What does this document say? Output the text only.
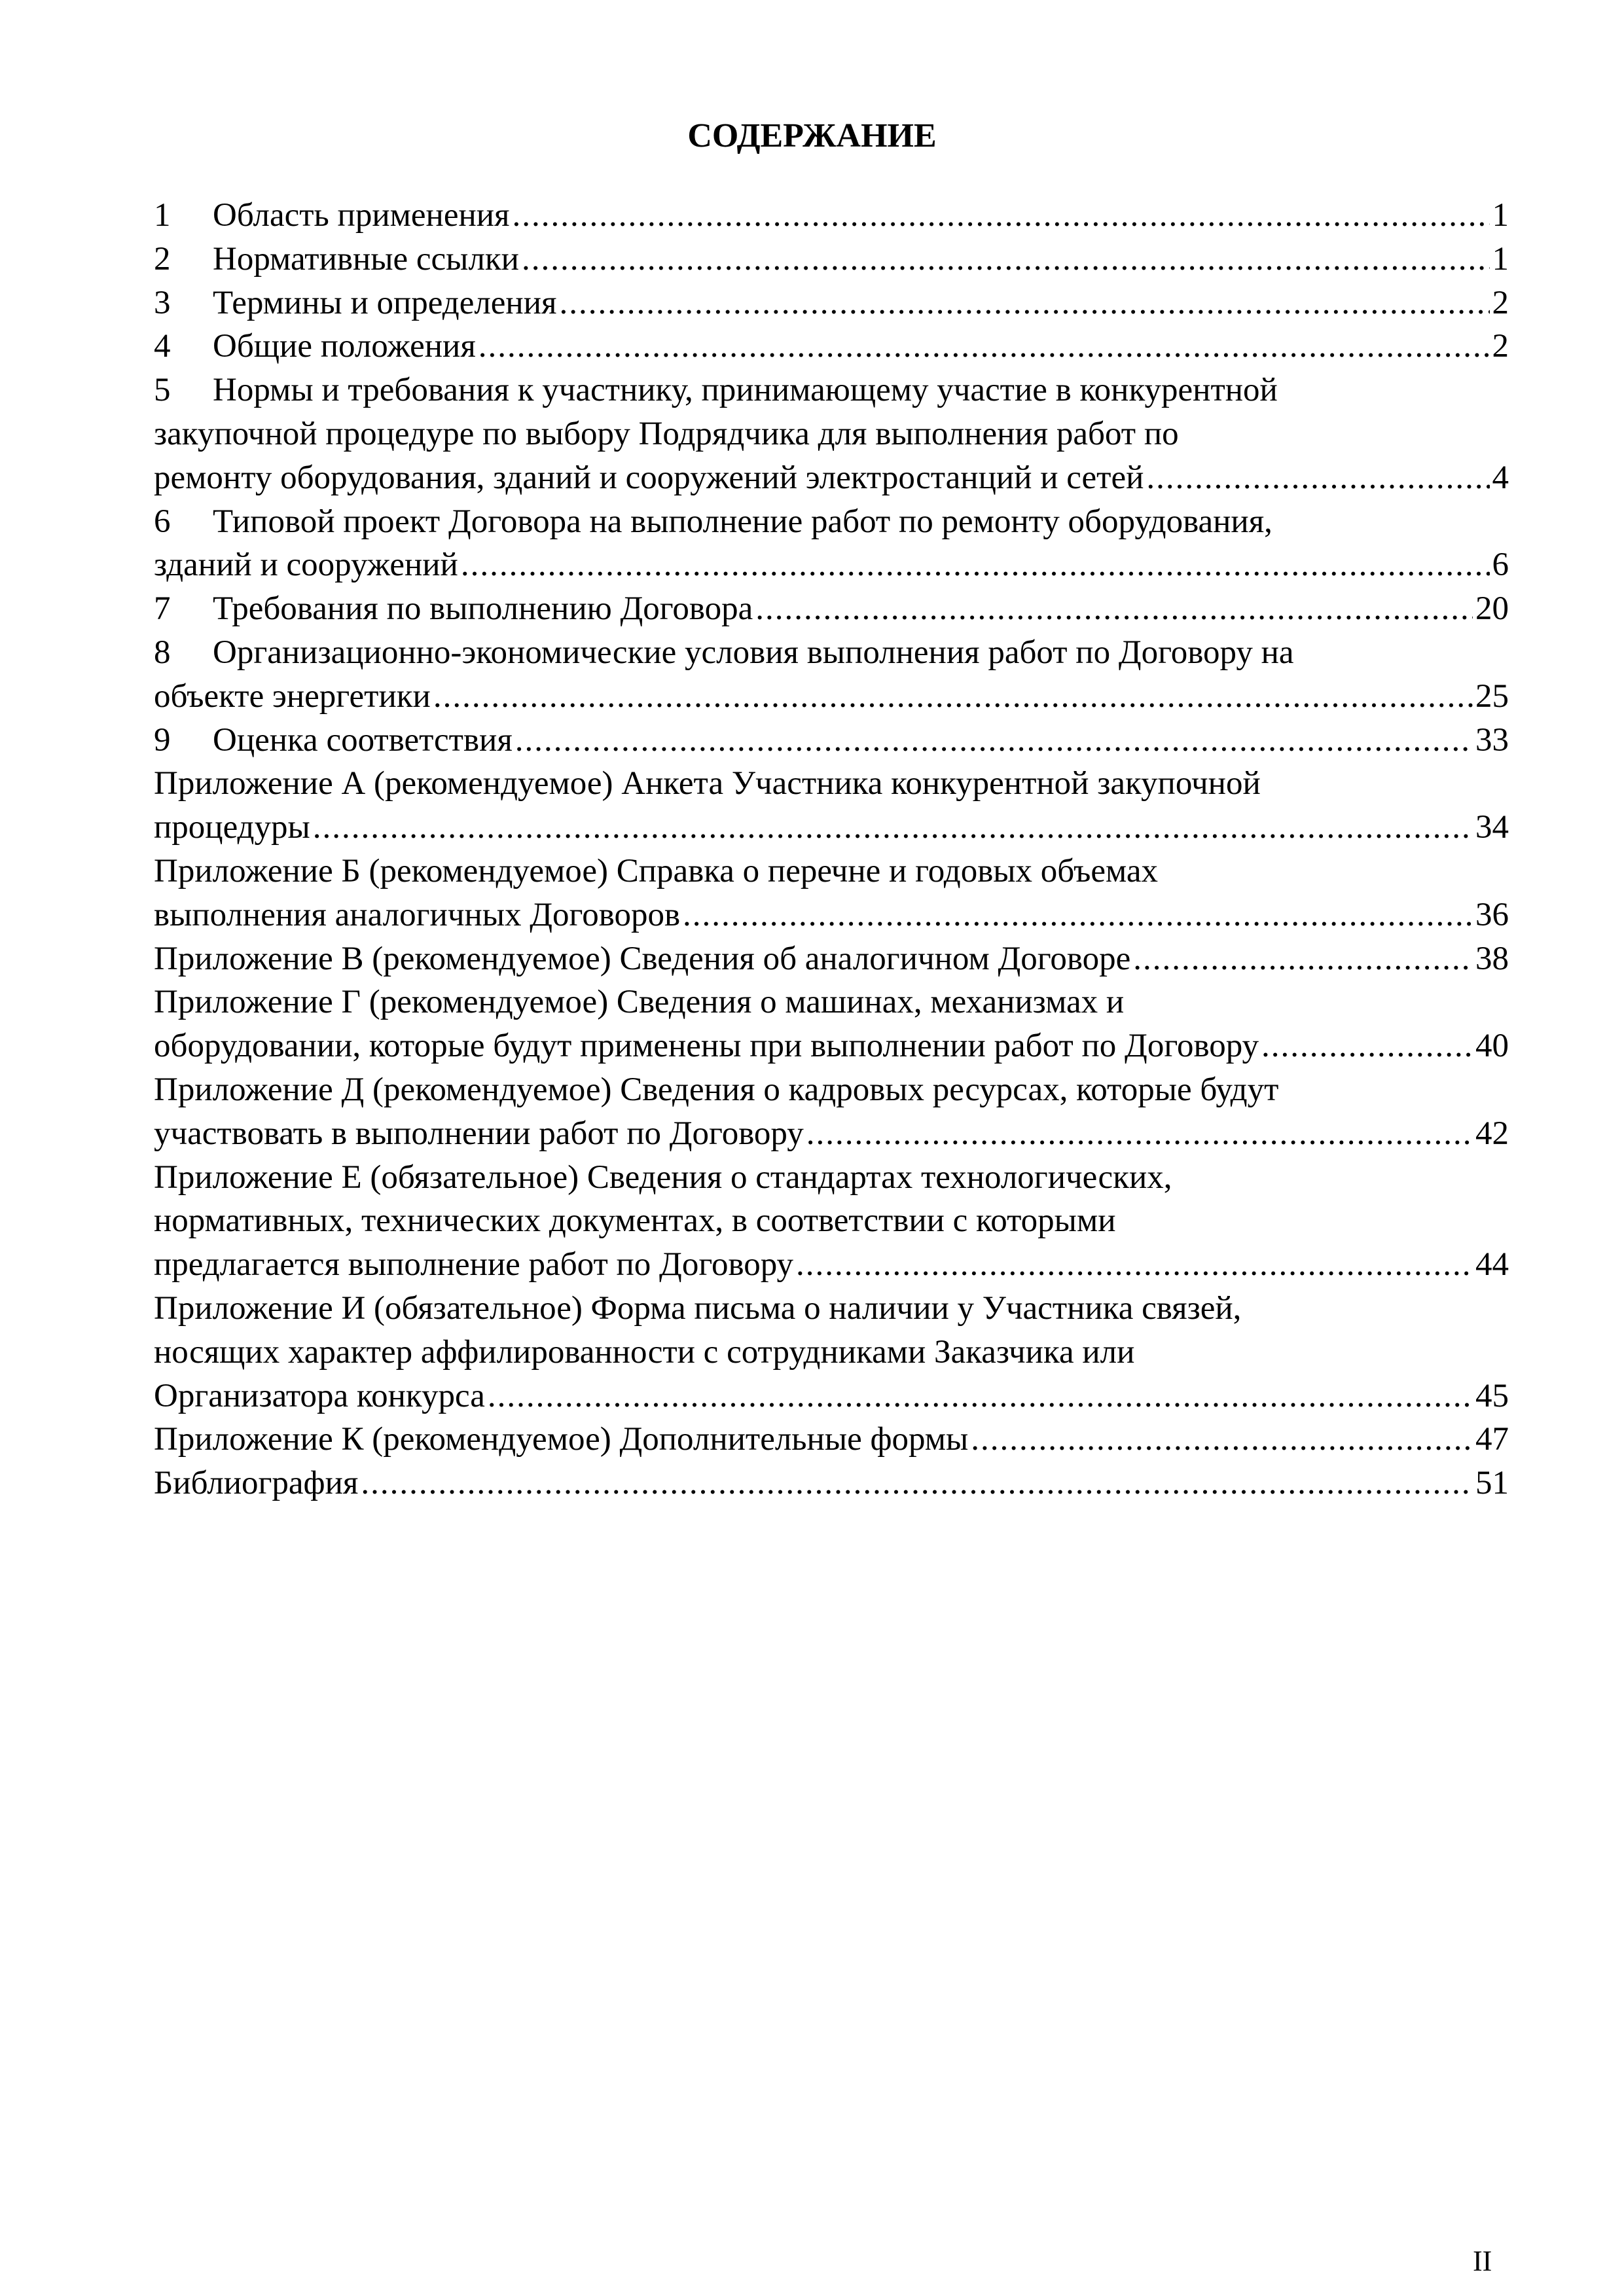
СОДЕРЖАНИЕ
1	Область применения .....	1
2	Нормативные ссылки .....	1
3	Термины и определения .....	2
4	Общие положения .....	2
5	Нормы и требования к участнику, принимающему участие в конкурентной
закупочной процедуре по выбору Подрядчика для выполнения работ по
ремонту оборудования, зданий и сооружений электростанций и сетей .....	4
6	Типовой проект Договора на выполнение работ по ремонту оборудования,
зданий и сооружений .....	6
7	Требования по выполнению Договора .....	20
8	Организационно-экономические условия выполнения работ по Договору на
объекте энергетики .....	25
9	Оценка соответствия .....	33
Приложение А (рекомендуемое) Анкета Участника конкурентной закупочной
процедуры .....	34
Приложение Б (рекомендуемое) Справка о перечне и годовых объемах
выполнения аналогичных Договоров .....	36
Приложение В (рекомендуемое) Сведения об аналогичном Договоре .....	38
Приложение Г (рекомендуемое) Сведения о машинах, механизмах и
оборудовании, которые будут применены при выполнении работ по Договору .....	40
Приложение Д (рекомендуемое) Сведения о кадровых ресурсах, которые будут
участвовать в выполнении работ по Договору .....	42
Приложение Е (обязательное) Сведения о стандартах технологических,
нормативных, технических документах, в соответствии с которыми
предлагается выполнение работ по Договору .....	44
Приложение И (обязательное) Форма письма о наличии у Участника связей,
носящих характер аффилированности с сотрудниками Заказчика или
Организатора конкурса .....	45
Приложение К (рекомендуемое) Дополнительные формы .....	47
Библиография .....	51
II
